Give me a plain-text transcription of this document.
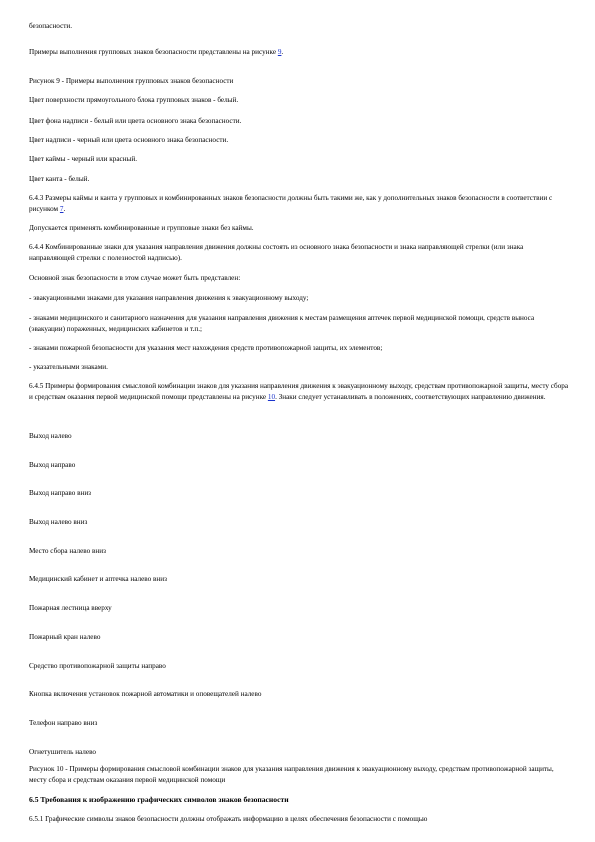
безопасности.

Примеры выполнения групповых знаков безопасности представлены на рисунке 9.

Рисунок 9 - Примеры выполнения групповых знаков безопасности

Цвет поверхности прямоугольного блока групповых знаков - белый.

Цвет фона надписи - белый или цвета основного знака безопасности.

Цвет надписи - черный или цвета основного знака безопасности.

Цвет каймы - черный или красный.

Цвет канта - белый.

6.4.3 Размеры каймы и канта у групповых и комбинированных знаков безопасности должны быть такими же, как у дополнительных знаков безопасности в соответствии с рисунком 7.

Допускается применять комбинированные и групповые знаки без каймы.

6.4.4 Комбинированные знаки для указания направления движения должны состоять из основного знака безопасности и знака направляющей стрелки (или знака направляющей стрелки с полезностой надписью).

Основной знак безопасности в этом случае может быть представлен:

- эвакуационными знаками для указания направления движения к эвакуационному выходу;

- знаками медицинского и санитарного назначения для указания направления движения к местам размещения аптечек первой медицинской помощи, средств выноса (эвакуации) пораженных, медицинских кабинетов и т.п.;

- знаками пожарной безопасности для указания мест нахождения средств противопожарной защиты, их элементов;

- указательными знаками.

6.4.5 Примеры формирования смысловой комбинации знаков для указания направления движения к эвакуационному выходу, средствам противопожарной защиты, месту сбора и средствам оказания первой медицинской помощи представлены на рисунке 10. Знаки следует устанавливать в положениях, соответствующих направлению движения.

Выход налево

Выход направо

Выход направо вниз

Выход налево вниз

Место сбора налево вниз

Медицинский кабинет и аптечка налево вниз

Пожарная лестница вверху

Пожарный кран налево

Средство противопожарной защиты направо

Кнопка включения установок пожарной автоматики и оповещателей налево

Телефон направо вниз

Огнетушитель налево

Рисунок 10 - Примеры формирования смысловой комбинации знаков для указания направления движения к эвакуационному выходу, средствам противопожарной защиты, месту сбора и средствам оказания первой медицинской помощи

6.5 Требования к изображению графических символов знаков безопасности

6.5.1 Графические символы знаков безопасности должны отображать информацию в целях обеспечения безопасности с помощью
